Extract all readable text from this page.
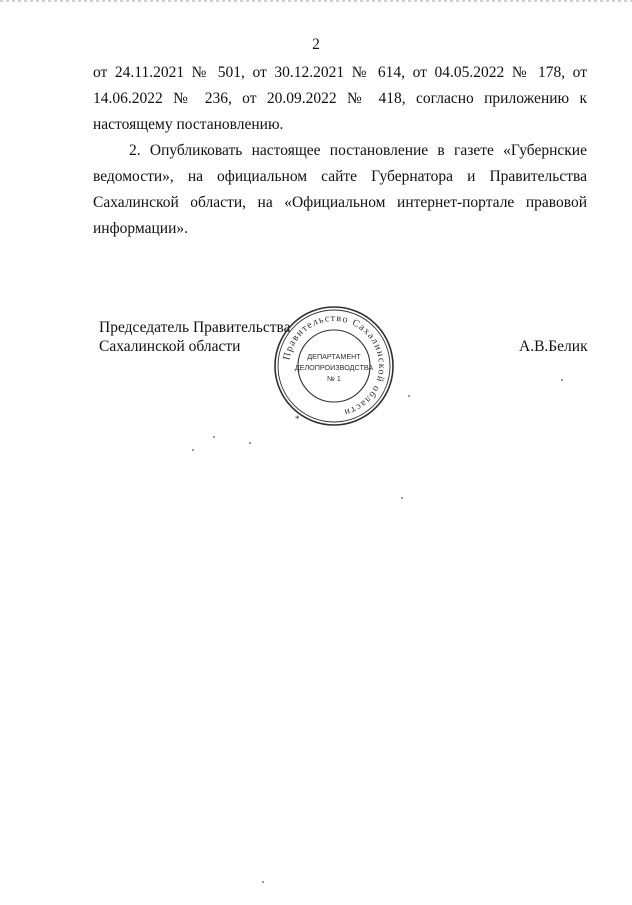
2

от 24.11.2021 № 501, от 30.12.2021 № 614, от 04.05.2022 № 178, от 14.06.2022 № 236, от 20.09.2022 № 418, согласно приложению к настоящему постановлению.

2. Опубликовать настоящее постановление в газете «Губернские ведомости», на официальном сайте Губернатора и Правительства Сахалинской области, на «Официальном интернет-портале правовой информации».

Председатель Правительства
Сахалинской области	А.В.Белик
Правительство Сахалинской области
*
ДЕПАРТАМЕНТ
ДЕЛОПРОИЗВОДСТВА
№ 1
